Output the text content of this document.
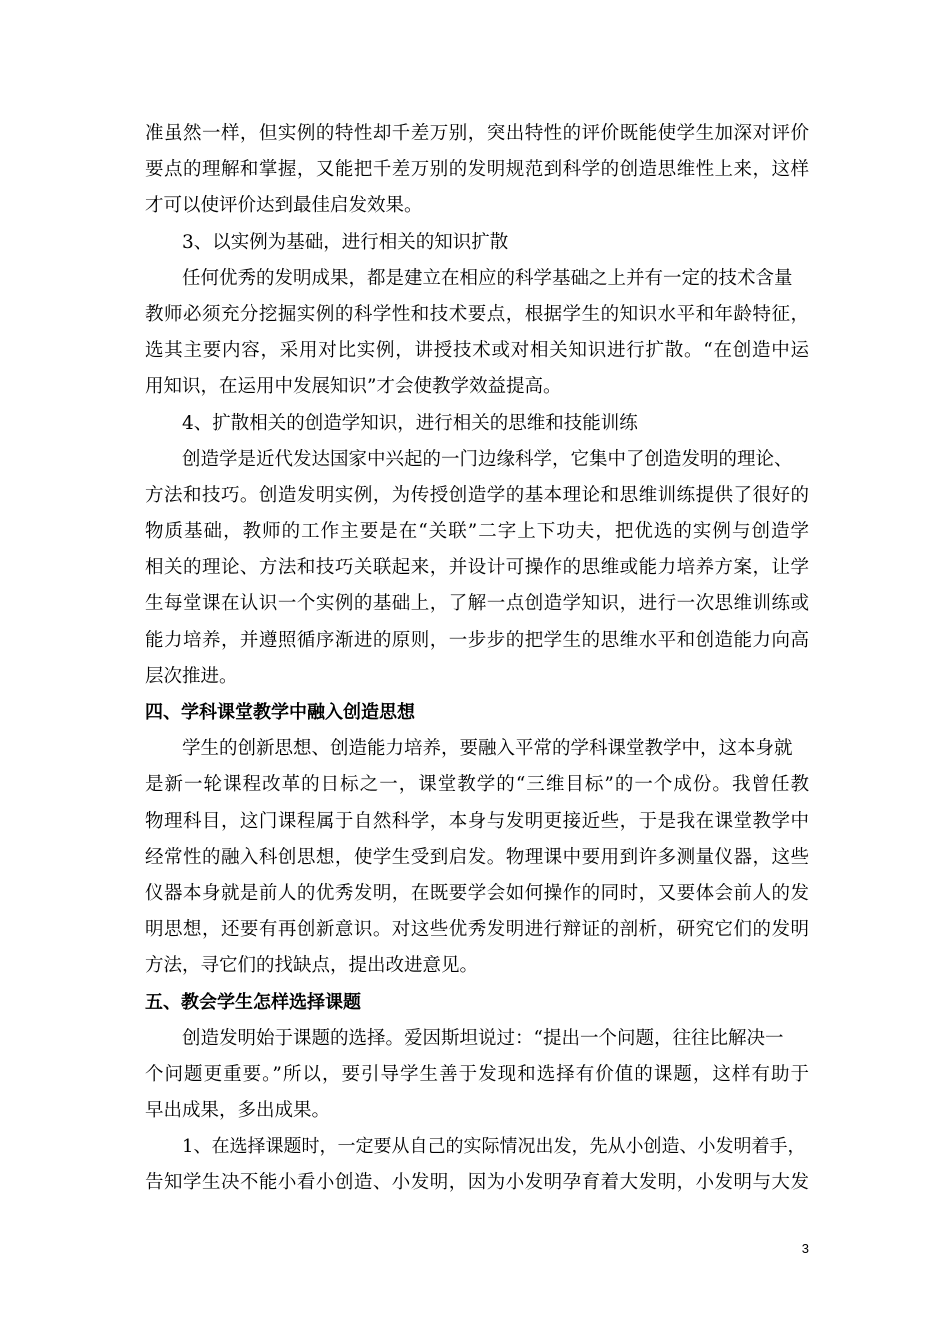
准虽然一样，但实例的特性却千差万别，突出特性的评价既能使学生加深对评价
要点的理解和掌握，又能把千差万别的发明规范到科学的创造思维性上来，这样
才可以使评价达到最佳启发效果。
3、以实例为基础，进行相关的知识扩散
任何优秀的发明成果，都是建立在相应的科学基础之上并有一定的技术含量
教师必须充分挖掘实例的科学性和技术要点，根据学生的知识水平和年龄特征，
选其主要内容，采用对比实例，讲授技术或对相关知识进行扩散。“在创造中运
用知识，在运用中发展知识”才会使教学效益提高。
4、扩散相关的创造学知识，进行相关的思维和技能训练
创造学是近代发达国家中兴起的一门边缘科学，它集中了创造发明的理论、
方法和技巧。创造发明实例，为传授创造学的基本理论和思维训练提供了很好的
物质基础，教师的工作主要是在“关联”二字上下功夫，把优选的实例与创造学
相关的理论、方法和技巧关联起来，并设计可操作的思维或能力培养方案，让学
生每堂课在认识一个实例的基础上，了解一点创造学知识，进行一次思维训练或
能力培养，并遵照循序渐进的原则，一步步的把学生的思维水平和创造能力向高
层次推进。
四、学科课堂教学中融入创造思想
学生的创新思想、创造能力培养，要融入平常的学科课堂教学中，这本身就
是新一轮课程改革的日标之一，课堂教学的“三维目标”的一个成份。我曾任教
物理科目，这门课程属于自然科学，本身与发明更接近些，于是我在课堂教学中
经常性的融入科创思想，使学生受到启发。物理课中要用到许多测量仪器，这些
仪器本身就是前人的优秀发明，在既要学会如何操作的同时，又要体会前人的发
明思想，还要有再创新意识。对这些优秀发明进行辩证的剖析，研究它们的发明
方法，寻它们的找缺点，提出改进意见。
五、教会学生怎样选择课题
创造发明始于课题的选择。爱因斯坦说过：“提出一个问题，往往比解决一
个问题更重要。”所以，要引导学生善于发现和选择有价值的课题，这样有助于
早出成果，多出成果。
1、在选择课题时，一定要从自己的实际情况出发，先从小创造、小发明着手，
告知学生决不能小看小创造、小发明，因为小发明孕育着大发明，小发明与大发
3
